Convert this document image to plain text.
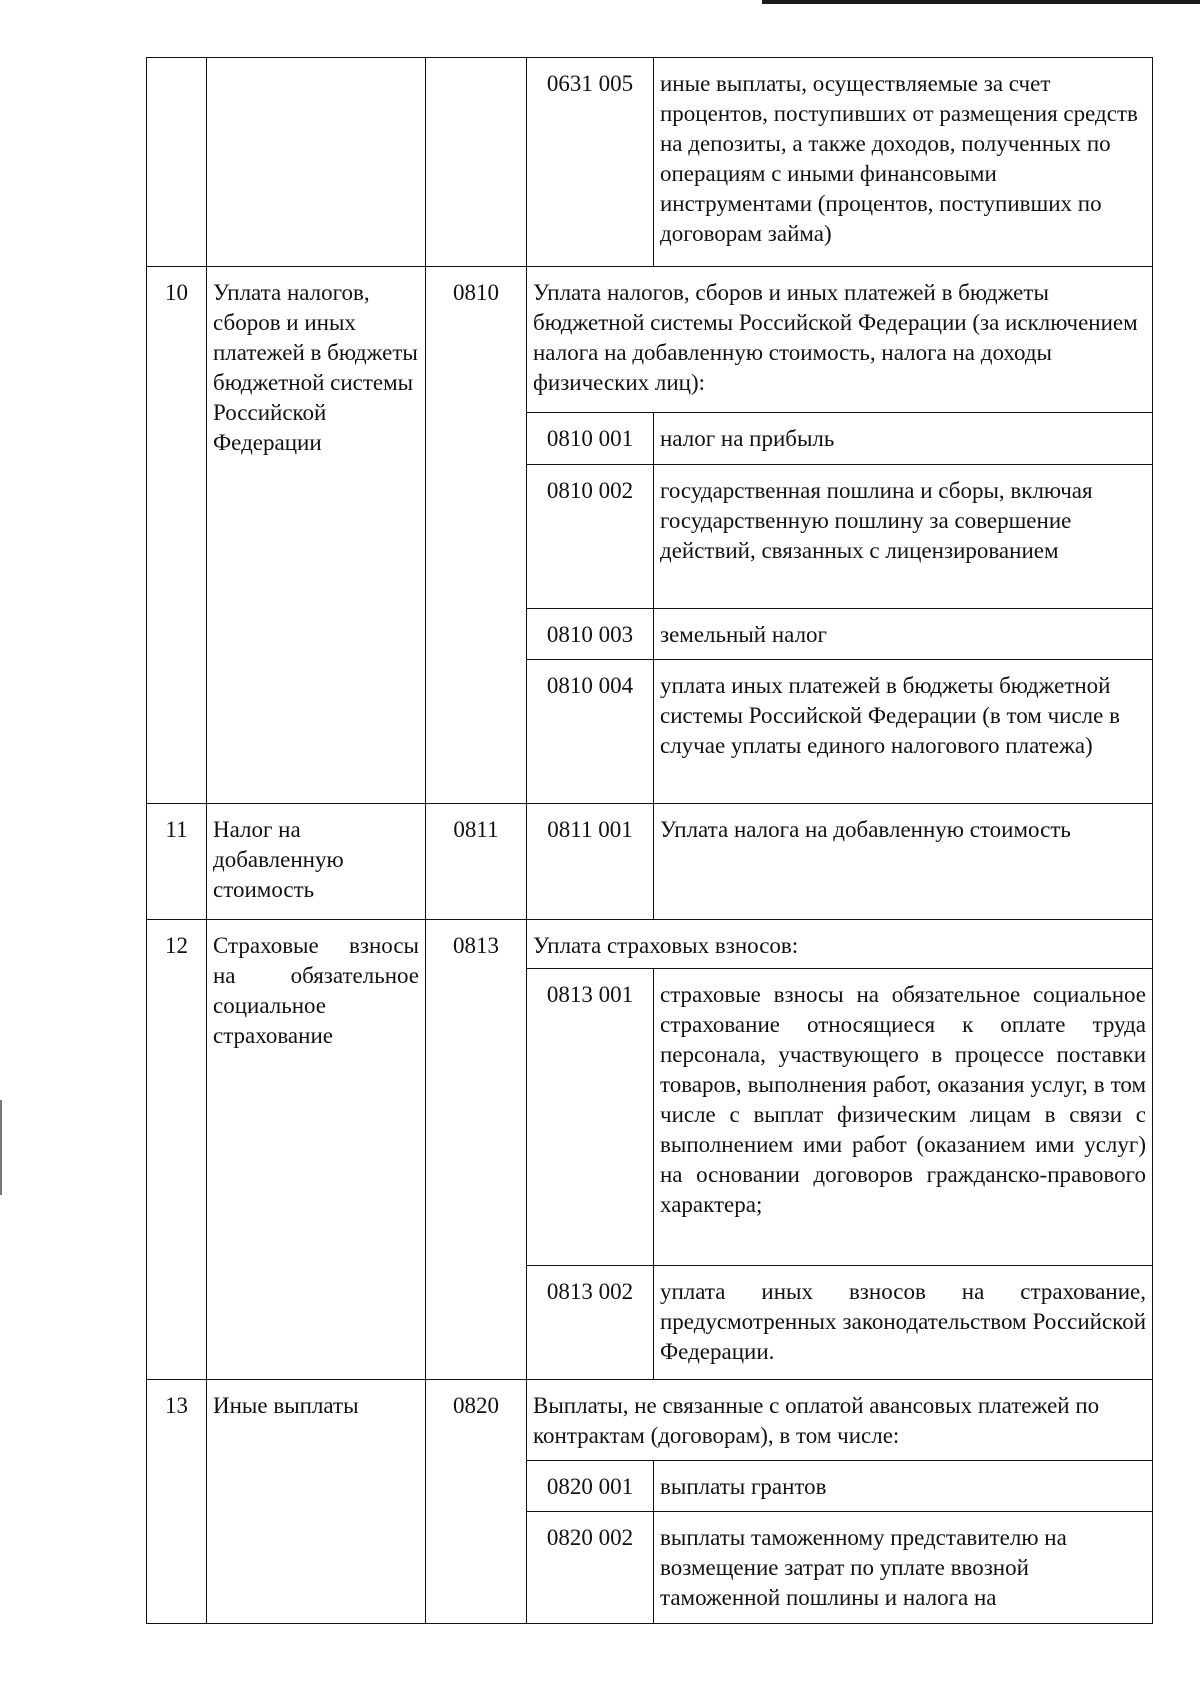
			0631 005	иные выплаты, осуществляемые за счет процентов, поступивших от размещения средств на депозиты, а также доходов, полученных по операциям с иными финансовыми инструментами (процентов, поступивших по договорам займа)
10	Уплата налогов, сборов и иных платежей в бюджеты бюджетной системы Российской Федерации	0810	Уплата налогов, сборов и иных платежей в бюджеты бюджетной системы Российской Федерации (за исключением налога на добавленную стоимость, налога на доходы физических лиц):	
			0810 001	налог на прибыль
			0810 002	государственная пошлина и сборы, включая государственную пошлину за совершение действий, связанных с лицензированием
			0810 003	земельный налог
			0810 004	уплата иных платежей в бюджеты бюджетной системы Российской Федерации (в том числе в случае уплаты единого налогового платежа)
11	Налог на добавленную стоимость	0811	0811 001	Уплата налога на добавленную стоимость
12	Страховые взносы на обязательное социальное страхование	0813	Уплата страховых взносов:	
			0813 001	страховые взносы на обязательное социальное страхование относящиеся к оплате труда персонала, участвующего в процессе поставки товаров, выполнения работ, оказания услуг, в том числе с выплат физическим лицам в связи с выполнением ими работ (оказанием ими услуг) на основании договоров гражданско-правового характера;
			0813 002	уплата иных взносов на страхование, предусмотренных законодательством Российской Федерации.
13	Иные выплаты	0820	Выплаты, не связанные с оплатой авансовых платежей по контрактам (договорам), в том числе:	
			0820 001	выплаты грантов
			0820 002	выплаты таможенному представителю на возмещение затрат по уплате ввозной таможенной пошлины и налога на
